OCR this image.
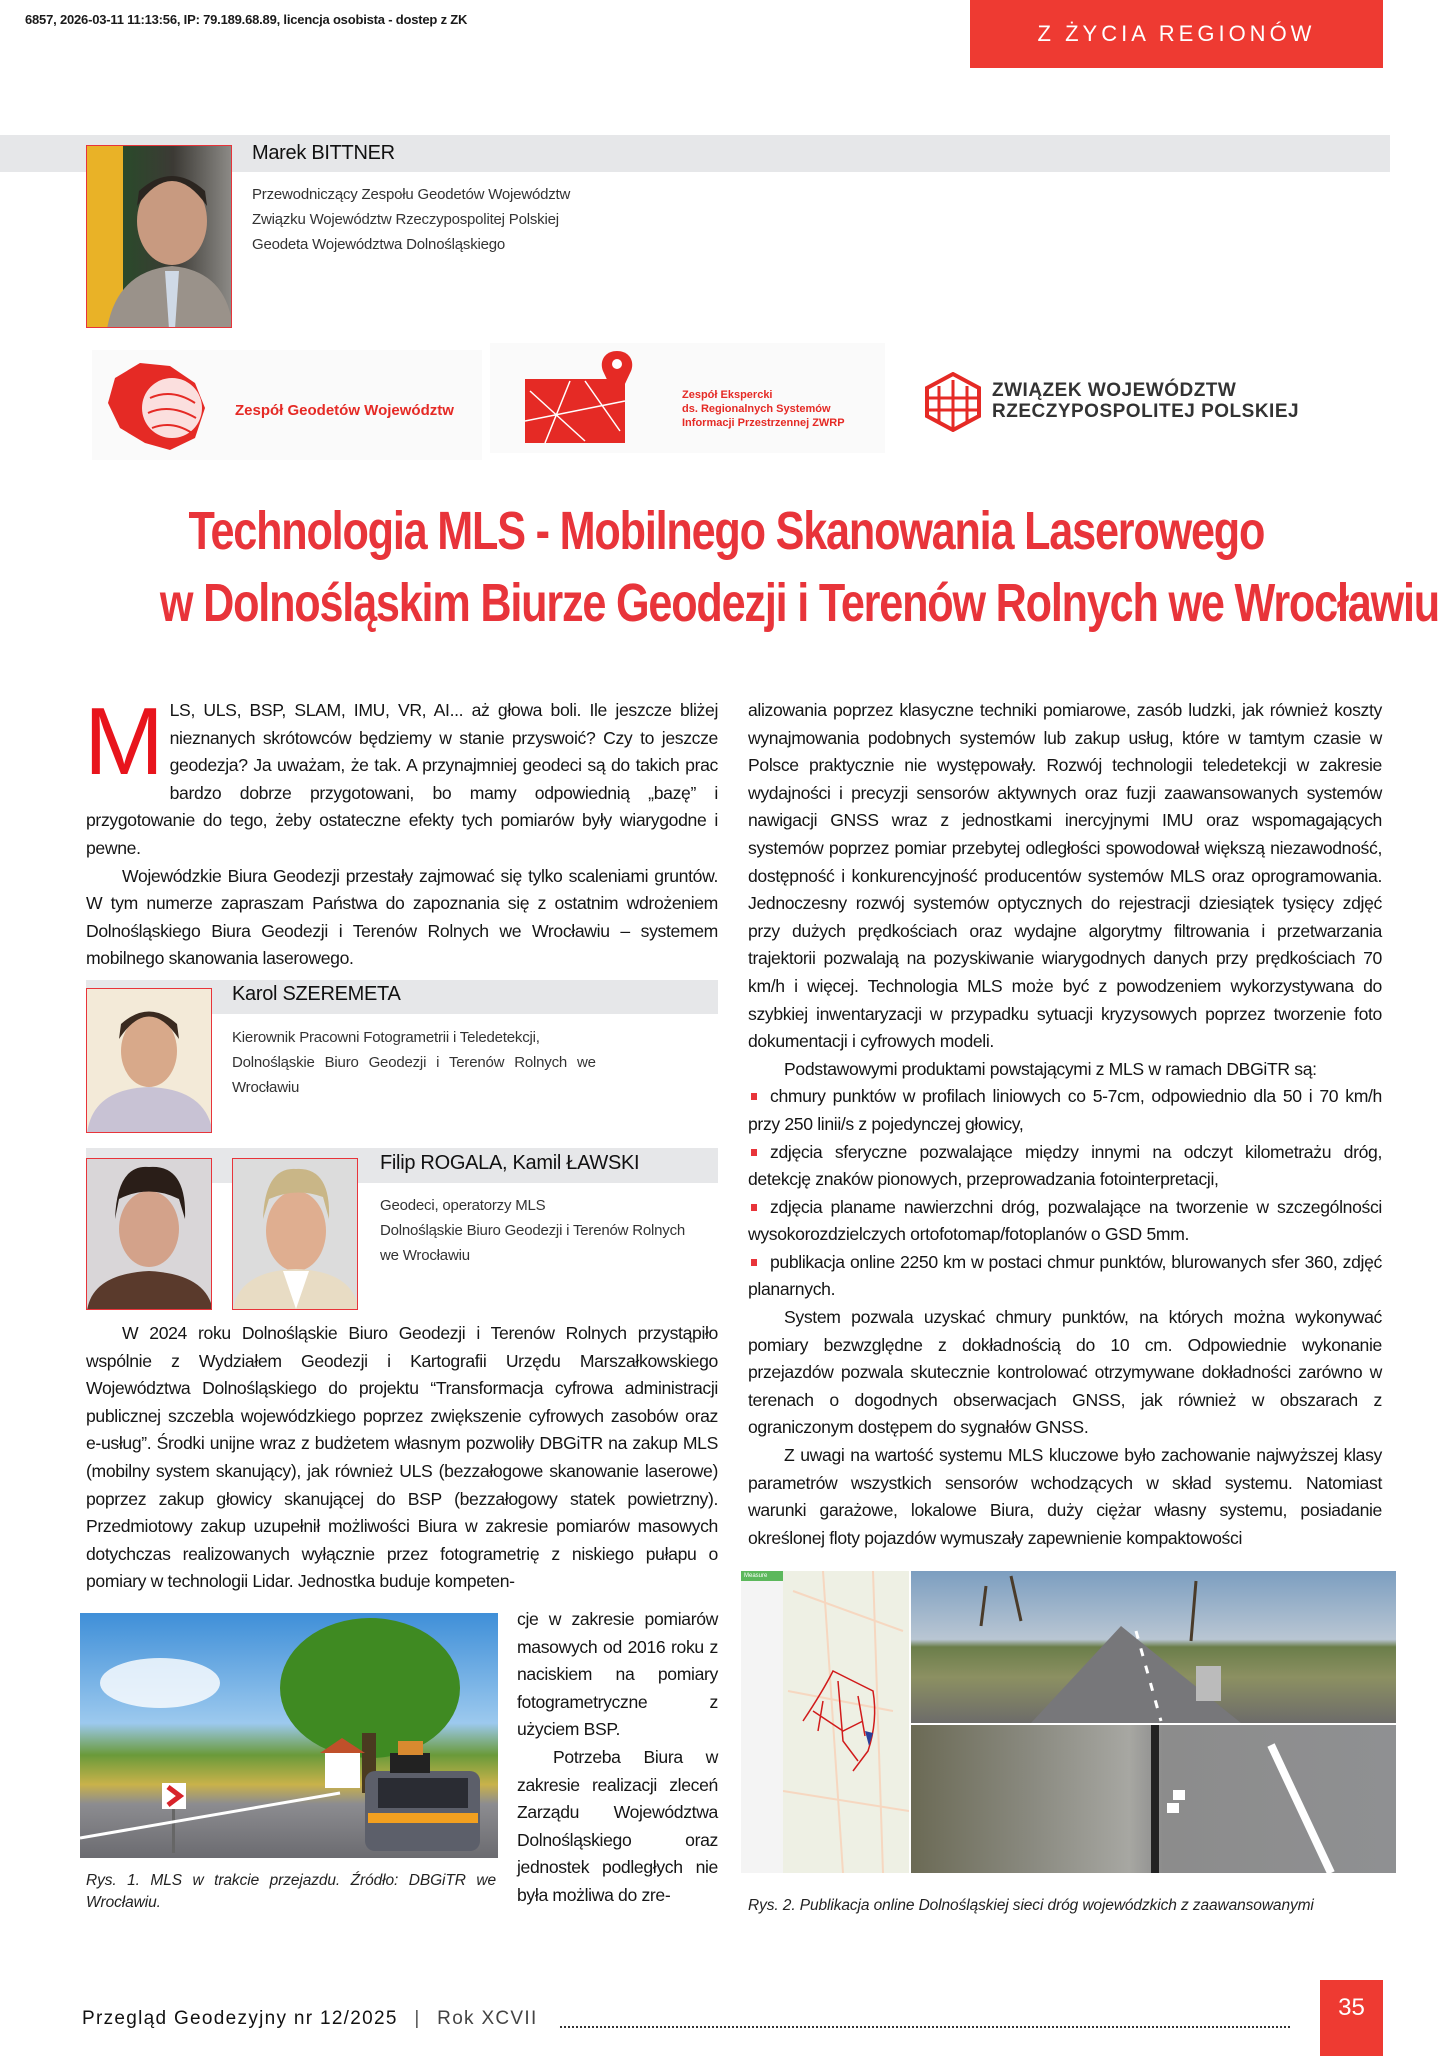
6857, 2026-03-11 11:13:56, IP: 79.189.68.89, licencja osobista - dostep z ZK
Z ŻYCIA REGIONÓW
Marek BITTNER
Przewodniczący Zespołu Geodetów Województw
Związku Województw Rzeczypospolitej Polskiej
Geodeta Województwa Dolnośląskiego
Zespół Geodetów Województw
Zespół Ekspercki
ds. Regionalnych Systemów
Informacji Przestrzennej ZWRP
ZWIĄZEK WOJEWÓDZTW
RZECZYPOSPOLITEJ POLSKIEJ
Technologia MLS - Mobilnego Skanowania Laserowego
w Dolnośląskim Biurze Geodezji i Terenów Rolnych we Wrocławiu

MLS, ULS, BSP, SLAM, IMU, VR, AI... aż głowa boli. Ile jeszcze bliżej nieznanych skrótowców będziemy w stanie przyswoić? Czy to jeszcze geodezja? Ja uważam, że tak. A przynajmniej geodeci są do takich prac bardzo dobrze przygotowani, bo mamy odpowiednią „bazę” i przygotowanie do tego, żeby ostateczne efekty tych pomiarów były wiarygodne i pewne.

Wojewódzkie Biura Geodezji przestały zajmować się tylko scaleniami gruntów. W tym numerze zapraszam Państwa do zapoznania się z ostatnim wdrożeniem Dolnośląskiego Biura Geodezji i Terenów Rolnych we Wrocławiu – systemem mobilnego skanowania laserowego.

Karol SZEREMETA
Kierownik Pracowni Fotogrametrii i Teledetekcji,
Dolnośląskie Biuro Geodezji i Terenów Rolnych we
Wrocławiu
Filip ROGALA, Kamil ŁAWSKI
Geodeci, operatorzy MLS
Dolnośląskie Biuro Geodezji i Terenów Rolnych
we Wrocławiu

W 2024 roku Dolnośląskie Biuro Geodezji i Terenów Rolnych przystąpiło wspólnie z Wydziałem Geodezji i Kartografii Urzędu Marszałkowskiego Województwa Dolnośląskiego do projektu “Transformacja cyfrowa administracji publicznej szczebla wojewódzkiego poprzez zwiększenie cyfrowych zasobów oraz e-usług”. Środki unijne wraz z budżetem własnym pozwoliły DBGiTR na zakup MLS (mobilny system skanujący), jak również ULS (bezzałogowe skanowanie laserowe) poprzez zakup głowicy skanującej do BSP (bezzałogowy statek powietrzny). Przedmiotowy zakup uzupełnił możliwości Biura w zakresie pomiarów masowych dotychczas realizowanych wyłącznie przez fotogrametrię z niskiego pułapu o pomiary w technologii Lidar. Jednostka buduje kompeten-

cje w zakresie pomiarów masowych od 2016 roku z naciskiem na pomiary fotogrametryczne z użyciem BSP.

Potrzeba Biura w zakresie realizacji zleceń Zarządu Województwa Dolnośląskiego oraz jednostek podległych nie była możliwa do zre-

Rys. 1. MLS w trakcie przejazdu. Źródło: DBGiTR we Wrocławiu.

alizowania poprzez klasyczne techniki pomiarowe, zasób ludzki, jak również koszty wynajmowania podobnych systemów lub zakup usług, które w tamtym czasie w Polsce praktycznie nie występowały. Rozwój technologii teledetekcji w zakresie wydajności i precyzji sensorów aktywnych oraz fuzji zaawansowanych systemów nawigacji GNSS wraz z jednostkami inercyjnymi IMU oraz wspomagających systemów poprzez pomiar przebytej odległości spowodował większą niezawodność, dostępność i konkurencyjność producentów systemów MLS oraz oprogramowania. Jednoczesny rozwój systemów optycznych do rejestracji dziesiątek tysięcy zdjęć przy dużych prędkościach oraz wydajne algorytmy filtrowania i przetwarzania trajektorii pozwalają na pozyskiwanie wiarygodnych danych przy prędkościach 70 km/h i więcej. Technologia MLS może być z powodzeniem wykorzystywana do szybkiej inwentaryzacji w przypadku sytuacji kryzysowych poprzez tworzenie foto dokumentacji i cyfrowych modeli.

Podstawowymi produktami powstającymi z MLS w ramach DBGiTR są:

chmury punktów w profilach liniowych co 5-7cm, odpowiednio dla 50 i 70 km/h przy 250 linii/s z pojedynczej głowicy,
zdjęcia sferyczne pozwalające między innymi na odczyt kilometrażu dróg, detekcję znaków pionowych, przeprowadzania fotointerpretacji,
zdjęcia planame nawierzchni dróg, pozwalające na tworzenie w szczególności wysokorozdzielczych ortofotomap/fotoplanów o GSD 5mm.
publikacja online 2250 km w postaci chmur punktów, blurowanych sfer 360, zdjęć planarnych.

System pozwala uzyskać chmury punktów, na których można wykonywać pomiary bezwzględne z dokładnością do 10 cm. Odpowiednie wykonanie przejazdów pozwala skutecznie kontrolować otrzymywane dokładności zarówno w terenach o dogodnych obserwacjach GNSS, jak również w obszarach z ograniczonym dostępem do sygnałów GNSS.

Z uwagi na wartość systemu MLS kluczowe było zachowanie najwyższej klasy parametrów wszystkich sensorów wchodzących w skład systemu. Natomiast warunki garażowe, lokalowe Biura, duży ciężar własny systemu, posiadanie określonej floty pojazdów wymuszały zapewnienie kompaktowości

Measure
Rys. 2. Publikacja online Dolnośląskiej sieci dróg wojewódzkich z zaawansowanymi
Przegląd Geodezyjny nr 12/2025 | Rok XCVII	35
